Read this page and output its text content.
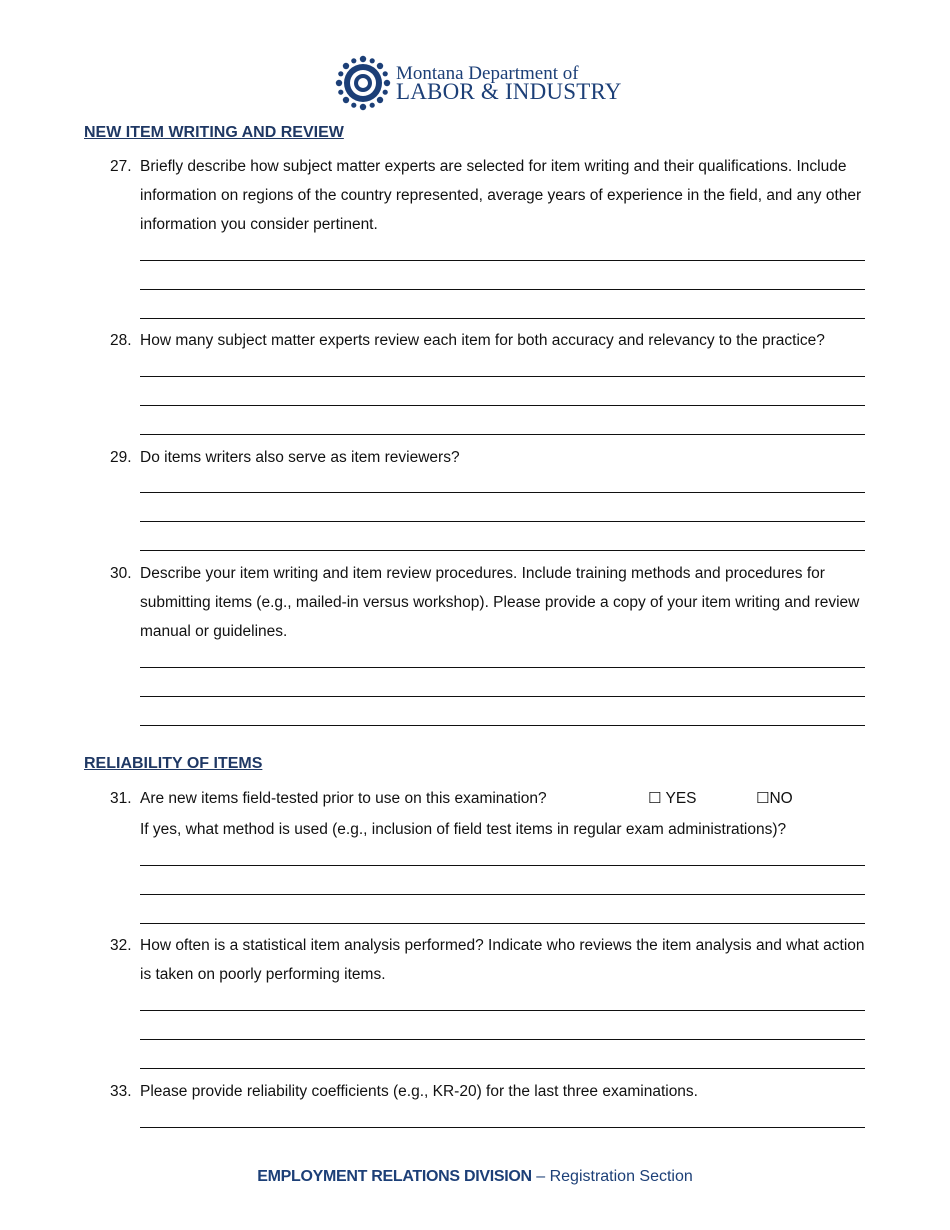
Montana Department of
LABOR & INDUSTRY
NEW ITEM WRITING AND REVIEW
27. Briefly describe how subject matter experts are selected for item writing and their qualifications. Include information on regions of the country represented, average years of experience in the field, and any other information you consider pertinent.
28. How many subject matter experts review each item for both accuracy and relevancy to the practice?
29. Do items writers also serve as item reviewers?
30. Describe your item writing and item review procedures. Include training methods and procedures for submitting items (e.g., mailed-in versus workshop). Please provide a copy of your item writing and review manual or guidelines.
RELIABILITY OF ITEMS
31. Are new items field-tested prior to use on this examination?	☐ YES	☐NO
If yes, what method is used (e.g., inclusion of field test items in regular exam administrations)?
32. How often is a statistical item analysis performed? Indicate who reviews the item analysis and what action is taken on poorly performing items.
33. Please provide reliability coefficients (e.g., KR-20) for the last three examinations.
EMPLOYMENT RELATIONS DIVISION – Registration Section
